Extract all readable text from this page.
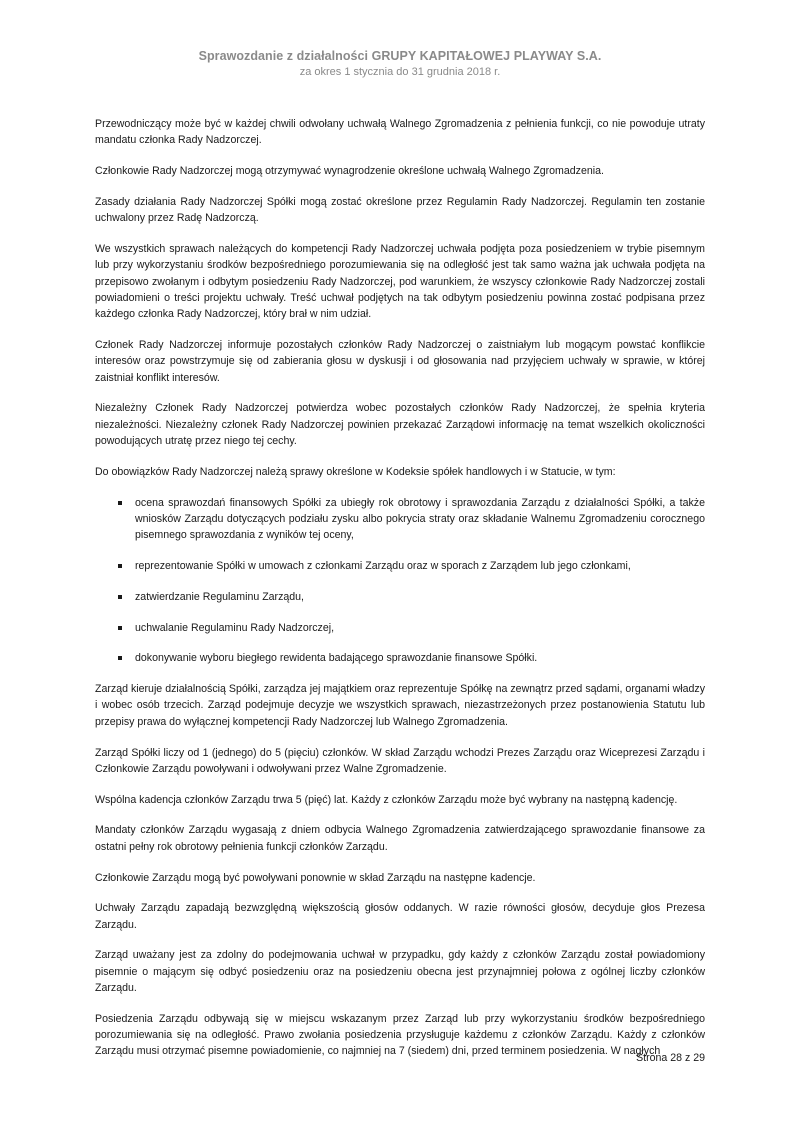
Sprawozdanie z działalności GRUPY KAPITAŁOWEJ PLAYWAY S.A.
za okres 1 stycznia do 31 grudnia 2018 r.

Przewodniczący może być w każdej chwili odwołany uchwałą Walnego Zgromadzenia z pełnienia funkcji, co nie powoduje utraty mandatu członka Rady Nadzorczej.

Członkowie Rady Nadzorczej mogą otrzymywać wynagrodzenie określone uchwałą Walnego Zgromadzenia.

Zasady działania Rady Nadzorczej Spółki mogą zostać określone przez Regulamin Rady Nadzorczej. Regulamin ten zostanie uchwalony przez Radę Nadzorczą.

We wszystkich sprawach należących do kompetencji Rady Nadzorczej uchwała podjęta poza posiedzeniem w trybie pisemnym lub przy wykorzystaniu środków bezpośredniego porozumiewania się na odległość jest tak samo ważna jak uchwała podjęta na przepisowo zwołanym i odbytym posiedzeniu Rady Nadzorczej, pod warunkiem, że wszyscy członkowie Rady Nadzorczej zostali powiadomieni o treści projektu uchwały. Treść uchwał podjętych na tak odbytym posiedzeniu powinna zostać podpisana przez każdego członka Rady Nadzorczej, który brał w nim udział.

Członek Rady Nadzorczej informuje pozostałych członków Rady Nadzorczej o zaistniałym lub mogącym powstać konflikcie interesów oraz powstrzymuje się od zabierania głosu w dyskusji i od głosowania nad przyjęciem uchwały w sprawie, w której zaistniał konflikt interesów.

Niezależny Członek Rady Nadzorczej potwierdza wobec pozostałych członków Rady Nadzorczej, że spełnia kryteria niezależności. Niezależny członek Rady Nadzorczej powinien przekazać Zarządowi informację na temat wszelkich okoliczności powodujących utratę przez niego tej cechy.

Do obowiązków Rady Nadzorczej należą sprawy określone w Kodeksie spółek handlowych i w Statucie, w tym:

ocena sprawozdań finansowych Spółki za ubiegły rok obrotowy i sprawozdania Zarządu z działalności Spółki, a także wniosków Zarządu dotyczących podziału zysku albo pokrycia straty oraz składanie Walnemu Zgromadzeniu corocznego pisemnego sprawozdania z wyników tej oceny,
reprezentowanie Spółki w umowach z członkami Zarządu oraz w sporach z Zarządem lub jego członkami,
zatwierdzanie Regulaminu Zarządu,
uchwalanie Regulaminu Rady Nadzorczej,
dokonywanie wyboru biegłego rewidenta badającego sprawozdanie finansowe Spółki.

Zarząd kieruje działalnością Spółki, zarządza jej majątkiem oraz reprezentuje Spółkę na zewnątrz przed sądami, organami władzy i wobec osób trzecich. Zarząd podejmuje decyzje we wszystkich sprawach, niezastrzeżonych przez postanowienia Statutu lub przepisy prawa do wyłącznej kompetencji Rady Nadzorczej lub Walnego Zgromadzenia.

Zarząd Spółki liczy od 1 (jednego) do 5 (pięciu) członków. W skład Zarządu wchodzi Prezes Zarządu oraz Wiceprezesi Zarządu i Członkowie Zarządu powoływani i odwoływani przez Walne Zgromadzenie.

Wspólna kadencja członków Zarządu trwa 5 (pięć) lat. Każdy z członków Zarządu może być wybrany na następną kadencję.

Mandaty członków Zarządu wygasają z dniem odbycia Walnego Zgromadzenia zatwierdzającego sprawozdanie finansowe za ostatni pełny rok obrotowy pełnienia funkcji członków Zarządu.

Członkowie Zarządu mogą być powoływani ponownie w skład Zarządu na następne kadencje.

Uchwały Zarządu zapadają bezwzględną większością głosów oddanych. W razie równości głosów, decyduje głos Prezesa Zarządu.

Zarząd uważany jest za zdolny do podejmowania uchwał w przypadku, gdy każdy z członków Zarządu został powiadomiony pisemnie o mającym się odbyć posiedzeniu oraz na posiedzeniu obecna jest przynajmniej połowa z ogólnej liczby członków Zarządu.

Posiedzenia Zarządu odbywają się w miejscu wskazanym przez Zarząd lub przy wykorzystaniu środków bezpośredniego porozumiewania się na odległość. Prawo zwołania posiedzenia przysługuje każdemu z członków Zarządu. Każdy z członków Zarządu musi otrzymać pisemne powiadomienie, co najmniej na 7 (siedem) dni, przed terminem posiedzenia. W nagłych

Strona 28 z 29
